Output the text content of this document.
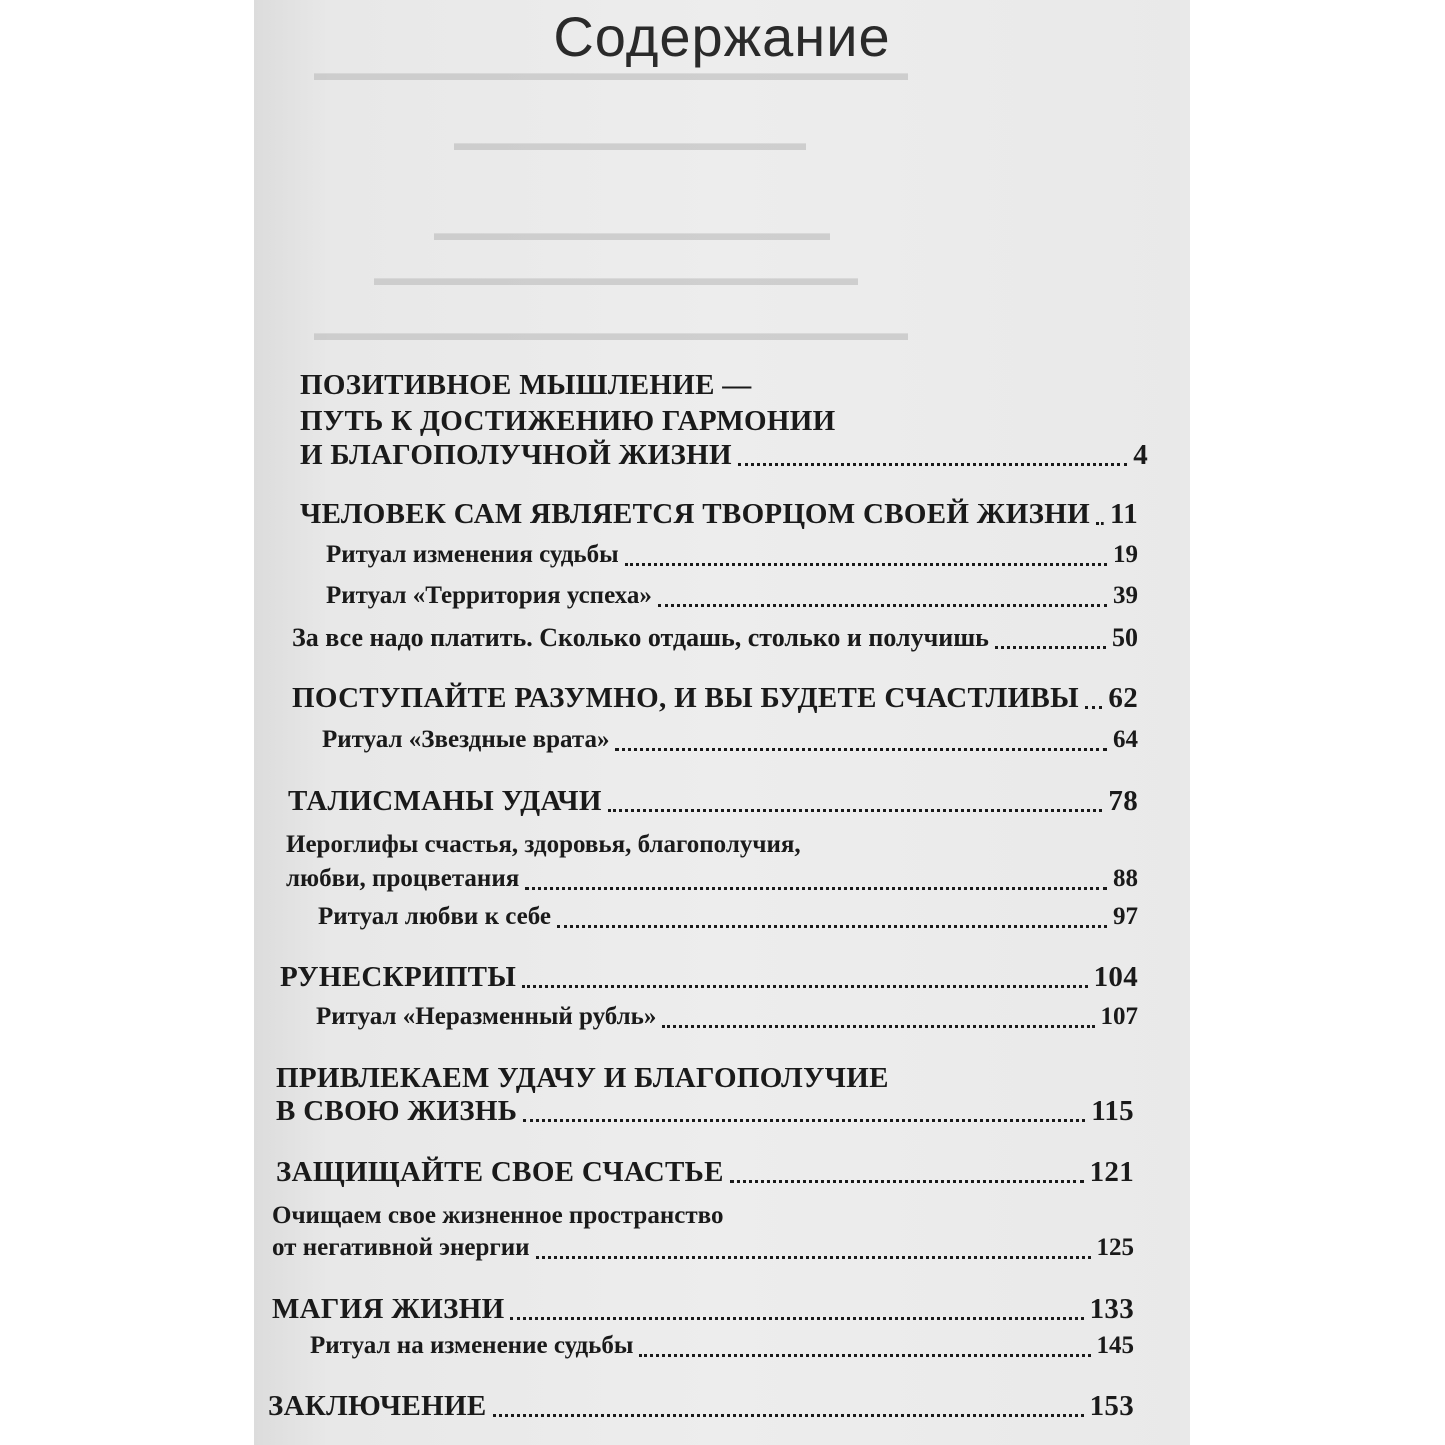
▬▬▬▬▬▬▬▬▬▬▬▬▬▬▬▬▬▬▬▬▬▬▬▬▬▬▬
▬▬▬▬▬▬▬▬▬▬▬▬▬▬▬▬
▬▬▬▬▬▬▬▬▬▬▬▬▬▬▬▬▬▬
▬▬▬▬▬▬▬▬▬▬▬▬▬▬▬▬▬▬▬▬▬▬
▬▬▬▬▬▬▬▬▬▬▬▬▬▬▬▬▬▬▬▬▬▬▬▬▬▬▬
Содержание
ПОЗИТИВНОЕ МЫШЛЕНИЕ —
ПУТЬ К ДОСТИЖЕНИЮ ГАРМОНИИ
И БЛАГОПОЛУЧНОЙ ЖИЗНИ	4
ЧЕЛОВЕК САМ ЯВЛЯЕТСЯ ТВОРЦОМ СВОЕЙ ЖИЗНИ 11
Ритуал изменения судьбы	19
Ритуал «Территория успеха»	39
За все надо платить. Сколько отдашь, столько и получишь	50
ПОСТУПАЙТЕ РАЗУМНО, И ВЫ БУДЕТЕ СЧАСТЛИВЫ 62
Ритуал «Звездные врата»	64
ТАЛИСМАНЫ УДАЧИ	78
Иероглифы счастья, здоровья, благополучия,
любви, процветания	88
Ритуал любви к себе	97
РУНЕСКРИПТЫ	104
Ритуал «Неразменный рубль»	107
ПРИВЛЕКАЕМ УДАЧУ И БЛАГОПОЛУЧИЕ
В СВОЮ ЖИЗНЬ	115
ЗАЩИЩАЙТЕ СВОЕ СЧАСТЬЕ	121
Очищаем свое жизненное пространство
от негативной энергии	125
МАГИЯ ЖИЗНИ	133
Ритуал на изменение судьбы	145
ЗАКЛЮЧЕНИЕ	153
